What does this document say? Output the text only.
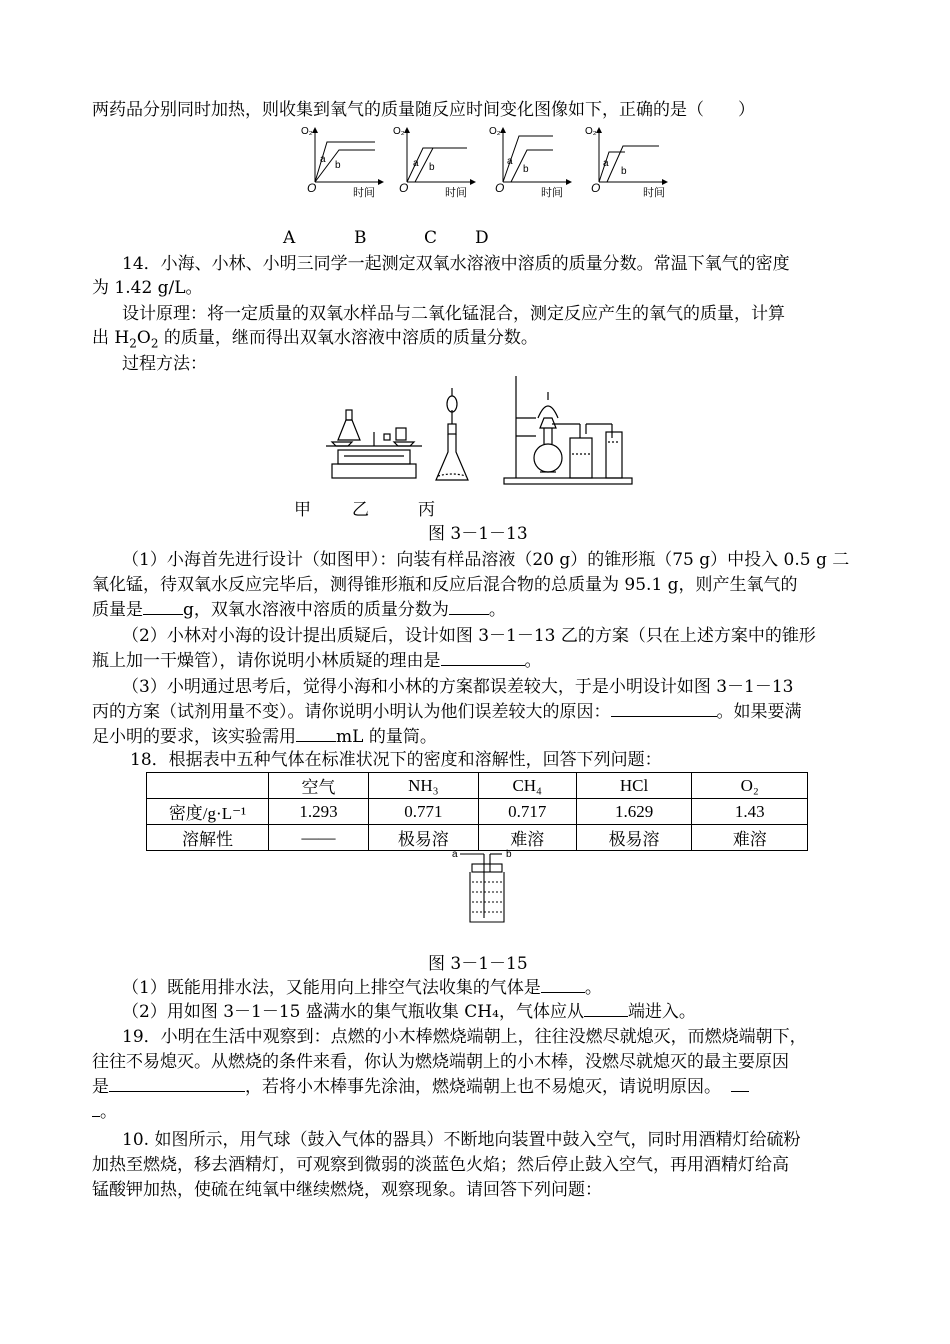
两药品分别同时加热，则收集到氧气的质量随反应时间变化图像如下，正确的是（　　）
O₂
O	时间
a
b
O₂
O	时间
a b
O₂
O	时间
a
b
O₂
O	时间
a
b
A	B	C D
14．小海、小林、小明三同学一起测定双氧水溶液中溶质的质量分数。常温下氧气的密度
为 1.42 g/L。
设计原理：将一定质量的双氧水样品与二氧化锰混合，测定反应产生的氧气的质量，计算
出 $H_2O_2$ 的质量，继而得出双氧水溶液中溶质的质量分数。
过程方法：
甲 乙	丙
图 3－1－13
（1）小海首先进行设计（如图甲）：向装有样品溶液（20 g）的锥形瓶（75 g）中投入 0.5 g 二
氧化锰，待双氧水反应完毕后，测得锥形瓶和反应后混合物的总质量为 95.1 g，则产生氧气的
质量是 g，双氧水溶液中溶质的质量分数为 。
（2）小林对小海的设计提出质疑后，设计如图 3－1－13 乙的方案（只在上述方案中的锥形
瓶上加一干燥管），请你说明小林质疑的理由是	。
（3）小明通过思考后，觉得小海和小林的方案都误差较大，于是小明设计如图 3－1－13
丙的方案（试剂用量不变）。请你说明小明认为他们误差较大的原因：	。如果要满
足小明的要求，该实验需用 mL 的量筒。
18．根据表中五种气体在标准状况下的密度和溶解性，回答下列问题：
	空气	NH₃	CH₄	HCl	O₂
密度/g·L⁻¹	1.293	0.771	0.717	1.629	1.43
溶解性	——	极易溶	难溶	极易溶	难溶
a	b
图 3－1－15
（1）既能用排水法，又能用向上排空气法收集的气体是	。
（2）用如图 3－1－15 盛满水的集气瓶收集 CH₄，气体应从	端进入。
19．小明在生活中观察到：点燃的小木棒燃烧端朝上，往往没燃尽就熄灭，而燃烧端朝下，
往往不易熄灭。从燃烧的条件来看，你认为燃烧端朝上的小木棒，没燃尽就熄灭的最主要原因
是	，若将小木棒事先涂油，燃烧端朝上也不易熄灭，请说明原因。
。
10. 如图所示，用气球（鼓入气体的器具）不断地向装置中鼓入空气，同时用酒精灯给硫粉
加热至燃烧，移去酒精灯，可观察到微弱的淡蓝色火焰；然后停止鼓入空气，再用酒精灯给高
锰酸钾加热，使硫在纯氧中继续燃烧，观察现象。请回答下列问题：
